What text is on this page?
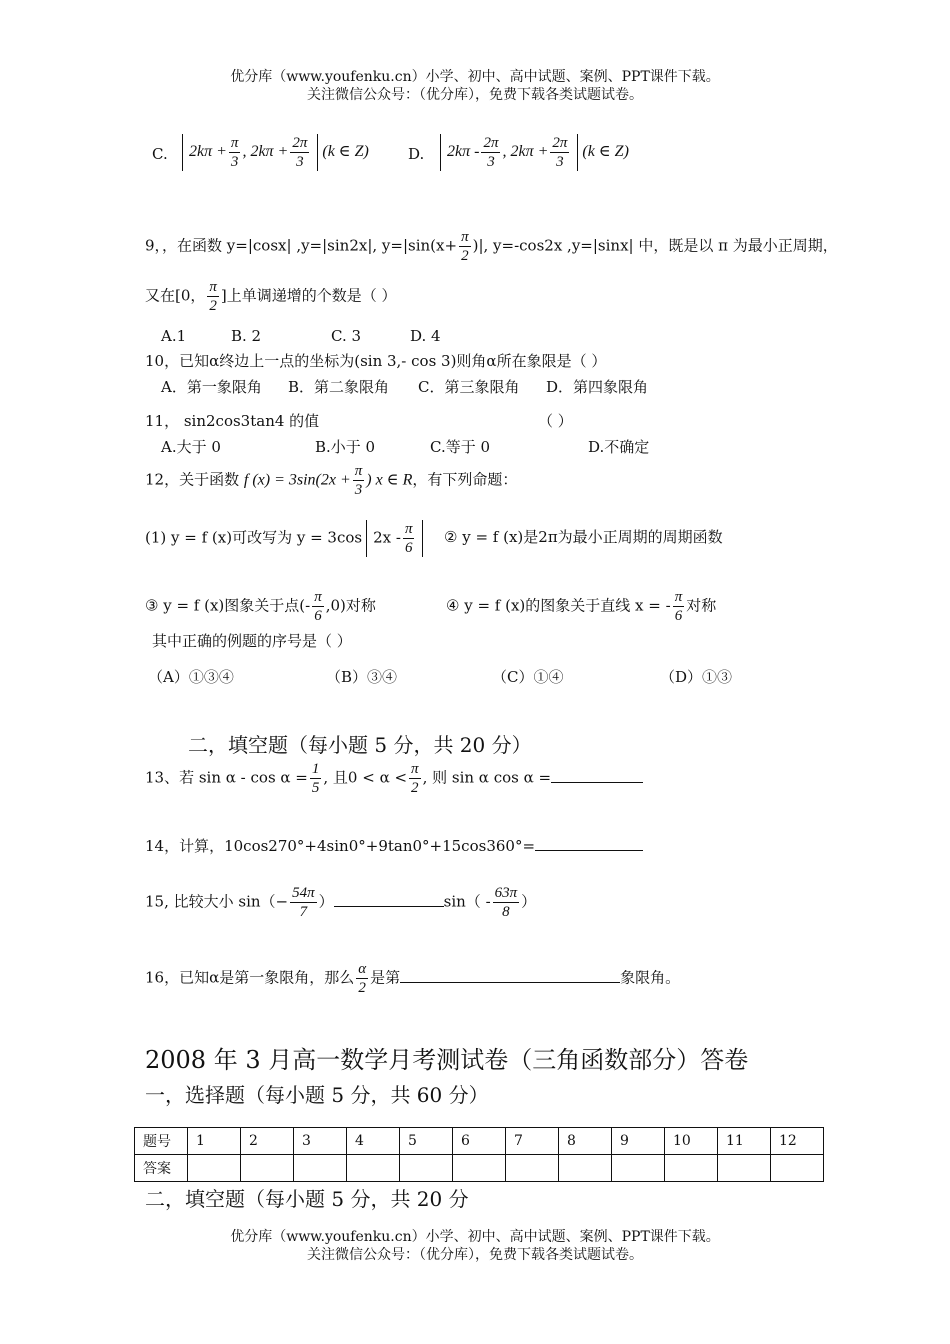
优分库（www.youfenku.cn）小学、初中、高中试题、案例、PPT课件下载。
关注微信公众号：（优分库），免费下载各类试题试卷。
C.	$2k\pi + \frac{\pi}{3}$ , $2k\pi + \frac{2\pi}{3} (k$ ∈ Z)	D.	$2k\pi - \frac{2\pi}{3}$ , $2k\pi + \frac{2\pi}{3} (k$ ∈ Z)
9，，在函数 y=|cosx| ,y=|sin2x|, $y=|\sin(x+ \frac{\pi}{2}$ )|, y=-cos2x ,y=|sinx| 中，既是以 π 为最小正周期，
又在[0， $\frac{\pi}{2}$ ]上单调递增的个数是（ ）
A.1	B. 2	C. 3	D. 4
10，已知α终边上一点的坐标为(sin 3,- cos 3)则角α所在象限是（ ）
A．第一象限角 B．第二象限角 C．第三象限角 D．第四象限角
11， sin2cos3tan4 的值	（ ）
A.大于 0	B.小于 0	C.等于 0	D.不确定
12，关于函数 f $(x) = 3\sin(2x + \frac{\pi}{3}$ ) x ∈ R，有下列命题：
(1) y = f (x)可改写为 y = 3cos $2x - \frac{\pi}{6}$ ② y = f (x)是2π为最小正周期的周期函数
③ y = f (x)图象关于点(- $\frac{\pi}{6} ,0$)对称	④ y = f (x)的图象关于直线 x = - $\frac{\pi}{6}$ 对称
其中正确的例题的序号是（ ）
（A）①③④	（B）③④	（C）①④	（D）①③
二，填空题（每小题 5 分，共 20 分）
13、若 $\sin \alpha - \cos \alpha = \frac{1}{5}$ , 且$0 < \alpha < \frac{\pi}{2}$ , 则 sin α cos α =
14，计算，10cos270°+4sin0°+9tan0°+15cos360°=
15, 比较大小 $\sin(- \frac{54\pi}{7}$ ）	$\sin( - \frac{63\pi}{8}$ ）
16，已知α是第一象限角，那么 $\frac{\alpha}{2}$ 是第	象限角。
2008 年 3 月高一数学月考测试卷（三角函数部分）答卷
一，选择题（每小题 5 分，共 60 分）
题号	1	2	3	4	5	6	7	8	9	10	11	12
答案												
二，填空题（每小题 5 分，共 20 分
优分库（www.youfenku.cn）小学、初中、高中试题、案例、PPT课件下载。
关注微信公众号：（优分库），免费下载各类试题试卷。
